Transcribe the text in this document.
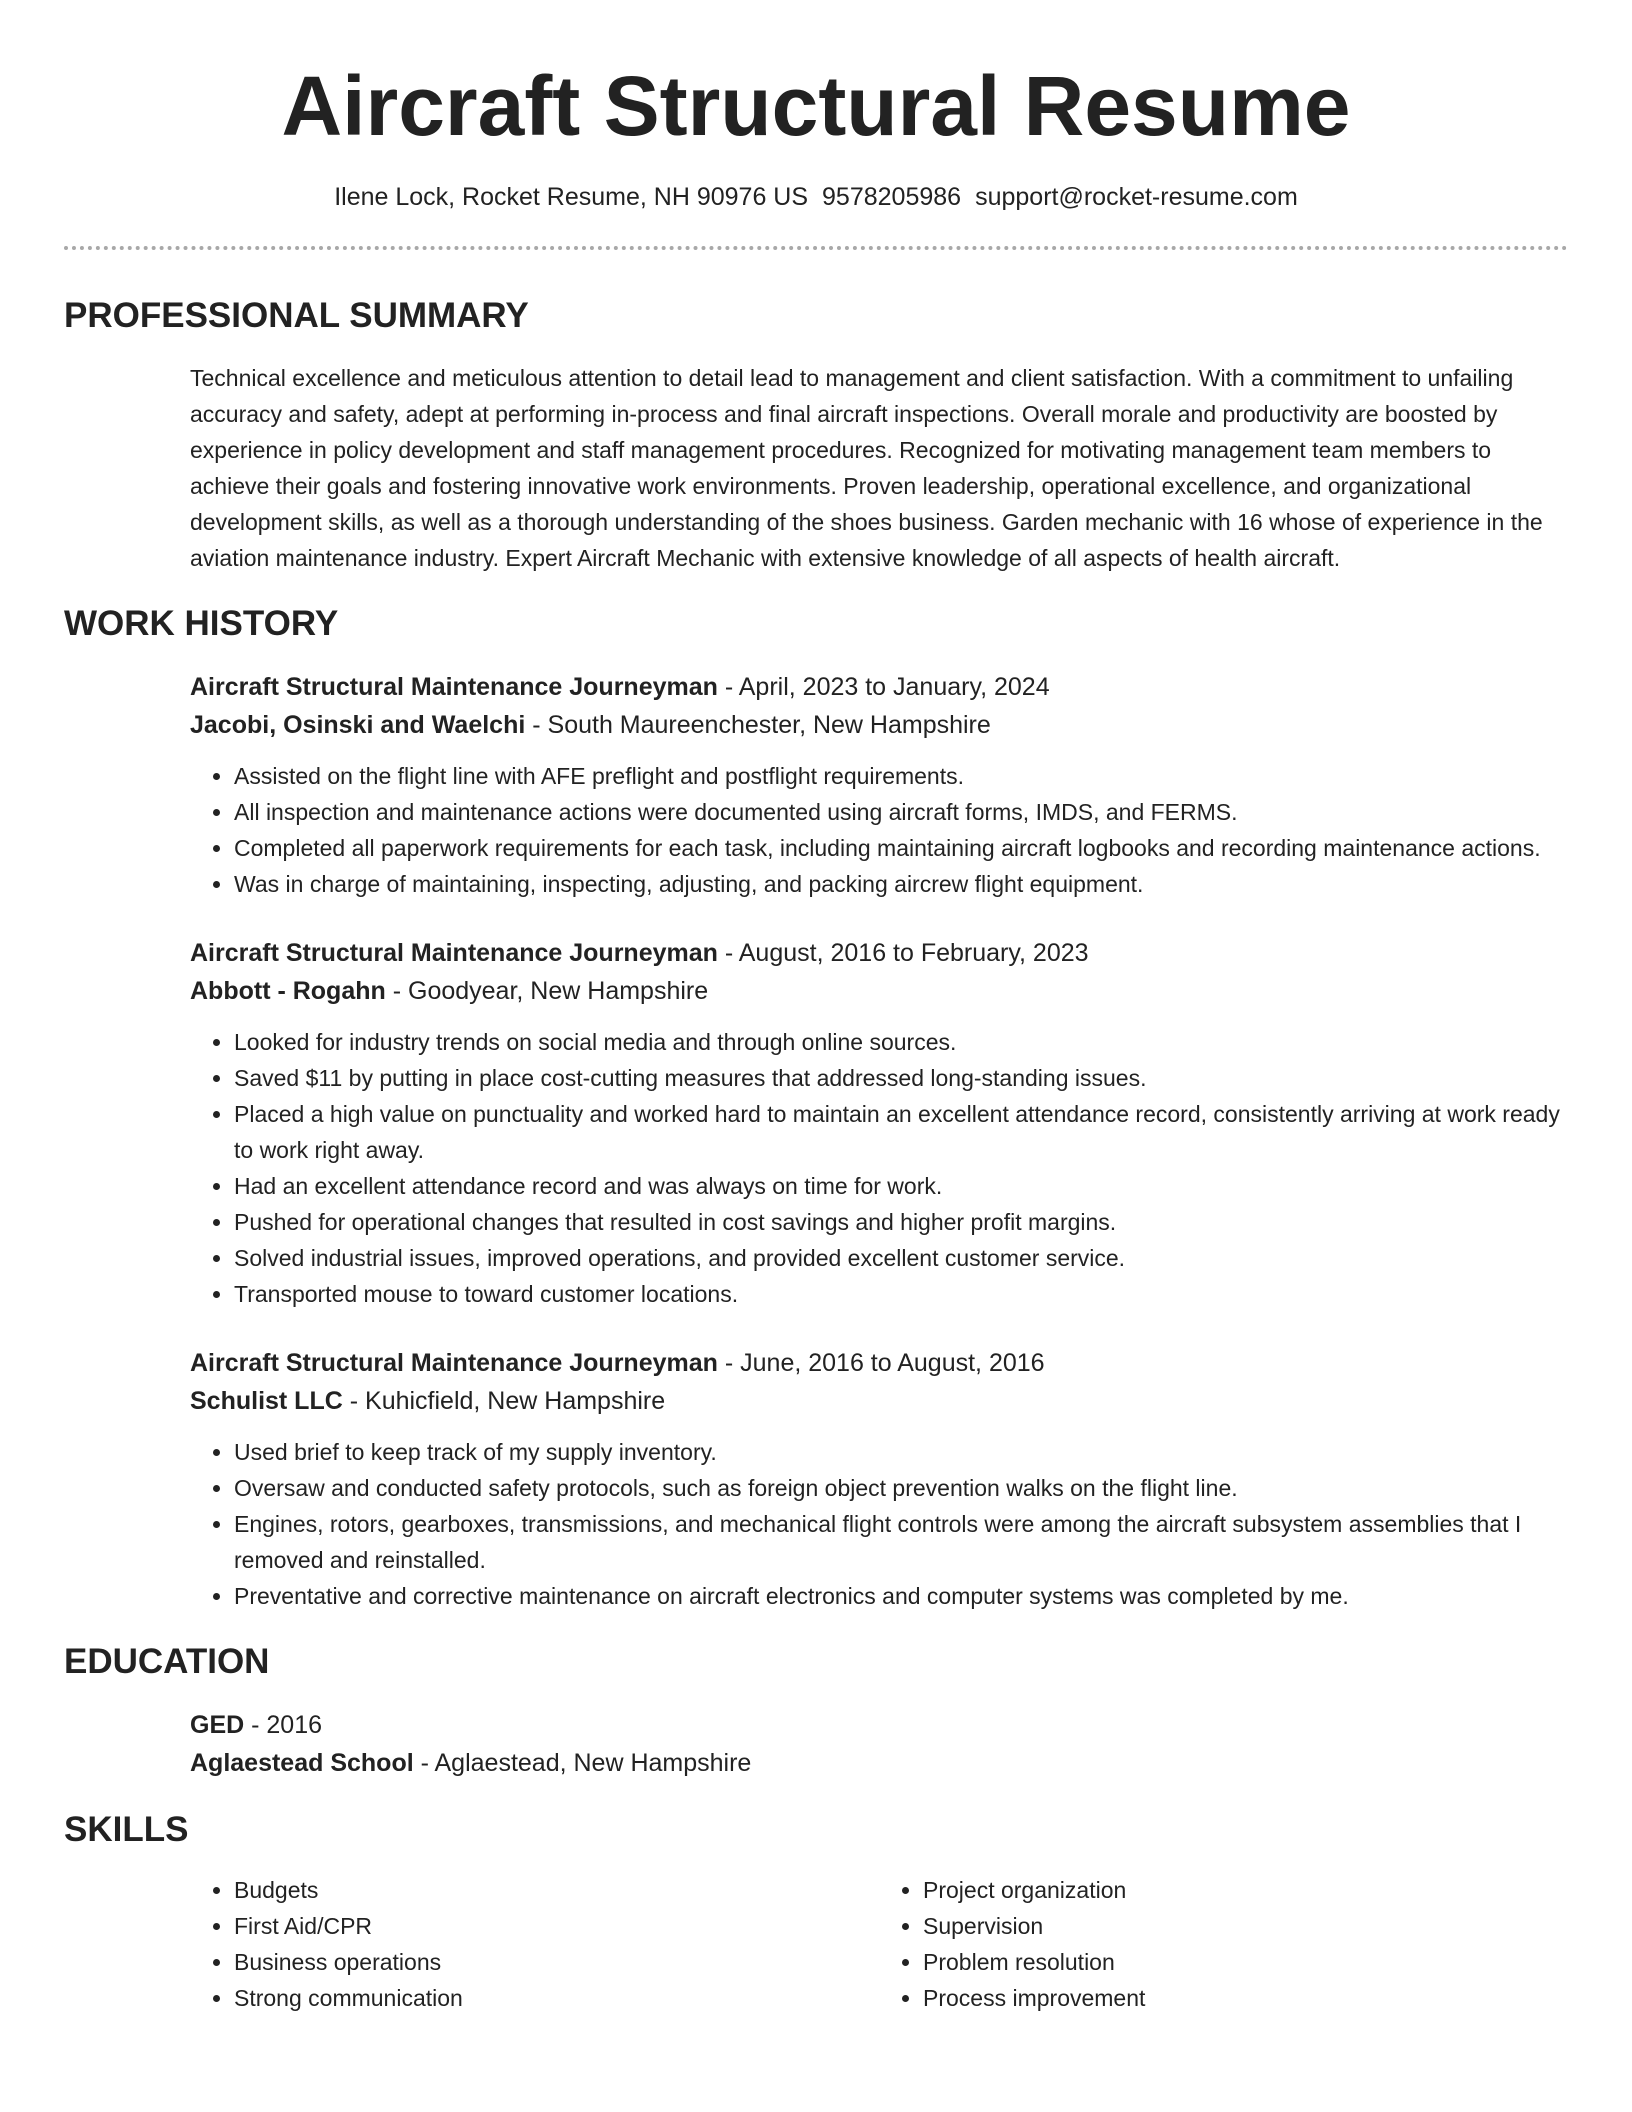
Aircraft Structural Resume
Ilene Lock, Rocket Resume, NH 90976 US 9578205986 support@rocket-resume.com
PROFESSIONAL SUMMARY

Technical excellence and meticulous attention to detail lead to management and client satisfaction. With a commitment to unfailing accuracy and safety, adept at performing in-process and final aircraft inspections. Overall morale and productivity are boosted by experience in policy development and staff management procedures. Recognized for motivating management team members to achieve their goals and fostering innovative work environments. Proven leadership, operational excellence, and organizational development skills, as well as a thorough understanding of the shoes business. Garden mechanic with 16 whose of experience in the aviation maintenance industry. Expert Aircraft Mechanic with extensive knowledge of all aspects of health aircraft.

WORK HISTORY
Aircraft Structural Maintenance Journeyman - April, 2023 to January, 2024
Jacobi, Osinski and Waelchi - South Maureenchester, New Hampshire
• Assisted on the flight line with AFE preflight and postflight requirements.
• All inspection and maintenance actions were documented using aircraft forms, IMDS, and FERMS.
• Completed all paperwork requirements for each task, including maintaining aircraft logbooks and recording maintenance actions.
• Was in charge of maintaining, inspecting, adjusting, and packing aircrew flight equipment.
Aircraft Structural Maintenance Journeyman - August, 2016 to February, 2023
Abbott - Rogahn - Goodyear, New Hampshire
• Looked for industry trends on social media and through online sources.
• Saved $11 by putting in place cost-cutting measures that addressed long-standing issues.
• Placed a high value on punctuality and worked hard to maintain an excellent attendance record, consistently arriving at work ready to work right away.
• Had an excellent attendance record and was always on time for work.
• Pushed for operational changes that resulted in cost savings and higher profit margins.
• Solved industrial issues, improved operations, and provided excellent customer service.
• Transported mouse to toward customer locations.
Aircraft Structural Maintenance Journeyman - June, 2016 to August, 2016
Schulist LLC - Kuhicfield, New Hampshire
• Used brief to keep track of my supply inventory.
• Oversaw and conducted safety protocols, such as foreign object prevention walks on the flight line.
• Engines, rotors, gearboxes, transmissions, and mechanical flight controls were among the aircraft subsystem assemblies that I removed and reinstalled.
• Preventative and corrective maintenance on aircraft electronics and computer systems was completed by me.
EDUCATION
GED - 2016
Aglaestead School - Aglaestead, New Hampshire
SKILLS
• Budgets
• First Aid/CPR
• Business operations
• Strong communication
• Project organization
• Supervision
• Problem resolution
• Process improvement
